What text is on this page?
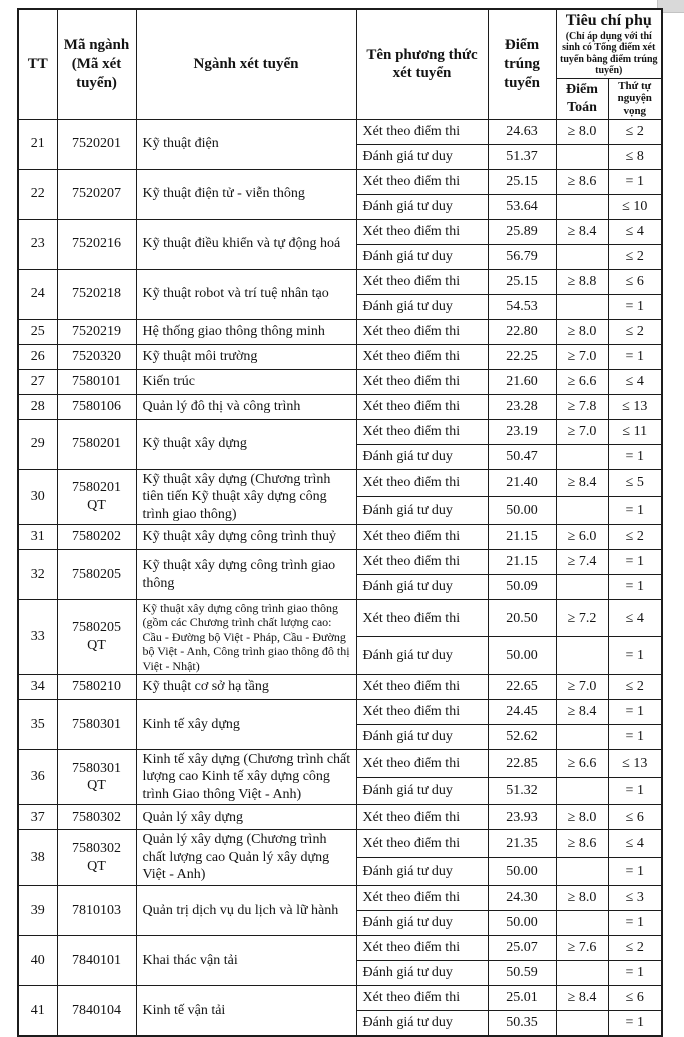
TT	Mã ngành (Mã xét tuyển)	Ngành xét tuyển	Tên phương thức xét tuyển	Điểm trúng tuyển	Tiêu chí phụ
(Chỉ áp dụng với thí sinh có Tổng điểm xét tuyển bằng điểm trúng tuyển)	

					Điểm Toán	Thứ tự nguyện vọng
21	7520201	Kỹ thuật điện	Xét theo điểm thi	24.63	≥ 8.0	≤ 2
			Đánh giá tư duy	51.37		≤ 8
22	7520207	Kỹ thuật điện tử - viễn thông	Xét theo điểm thi	25.15	≥ 8.6	= 1
			Đánh giá tư duy	53.64		≤ 10
23	7520216	Kỹ thuật điều khiển và tự động hoá	Xét theo điểm thi	25.89	≥ 8.4	≤ 4
			Đánh giá tư duy	56.79		≤ 2
24	7520218	Kỹ thuật robot và trí tuệ nhân tạo	Xét theo điểm thi	25.15	≥ 8.8	≤ 6
			Đánh giá tư duy	54.53		= 1
25	7520219	Hệ thống giao thông thông minh	Xét theo điểm thi	22.80	≥ 8.0	≤ 2
26	7520320	Kỹ thuật môi trường	Xét theo điểm thi	22.25	≥ 7.0	= 1
27	7580101	Kiến trúc	Xét theo điểm thi	21.60	≥ 6.6	≤ 4
28	7580106	Quản lý đô thị và công trình	Xét theo điểm thi	23.28	≥ 7.8	≤ 13
29	7580201	Kỹ thuật xây dựng	Xét theo điểm thi	23.19	≥ 7.0	≤ 11
			Đánh giá tư duy	50.47		= 1
30	7580201 QT	Kỹ thuật xây dựng (Chương trình tiên tiến Kỹ thuật xây dựng công trình giao thông)	Xét theo điểm thi	21.40	≥ 8.4	≤ 5
			Đánh giá tư duy	50.00		= 1
31	7580202	Kỹ thuật xây dựng công trình thuỷ	Xét theo điểm thi	21.15	≥ 6.0	≤ 2
32	7580205	Kỹ thuật xây dựng công trình giao thông	Xét theo điểm thi	21.15	≥ 7.4	= 1
			Đánh giá tư duy	50.09		= 1
33	7580205 QT	Kỹ thuật xây dựng công trình giao thông (gồm các Chương trình chất lượng cao: Cầu - Đường bộ Việt - Pháp, Cầu - Đường bộ Việt - Anh, Công trình giao thông đô thị Việt - Nhật)	Xét theo điểm thi	20.50	≥ 7.2	≤ 4
			Đánh giá tư duy	50.00		= 1
34	7580210	Kỹ thuật cơ sở hạ tầng	Xét theo điểm thi	22.65	≥ 7.0	≤ 2
35	7580301	Kinh tế xây dựng	Xét theo điểm thi	24.45	≥ 8.4	= 1
			Đánh giá tư duy	52.62		= 1
36	7580301 QT	Kinh tế xây dựng (Chương trình chất lượng cao Kinh tế xây dựng công trình Giao thông Việt - Anh)	Xét theo điểm thi	22.85	≥ 6.6	≤ 13
			Đánh giá tư duy	51.32		= 1
37	7580302	Quản lý xây dựng	Xét theo điểm thi	23.93	≥ 8.0	≤ 6
38	7580302 QT	Quản lý xây dựng (Chương trình chất lượng cao Quản lý xây dựng Việt - Anh)	Xét theo điểm thi	21.35	≥ 8.6	≤ 4
			Đánh giá tư duy	50.00		= 1
39	7810103	Quản trị dịch vụ du lịch và lữ hành	Xét theo điểm thi	24.30	≥ 8.0	≤ 3
			Đánh giá tư duy	50.00		= 1
40	7840101	Khai thác vận tải	Xét theo điểm thi	25.07	≥ 7.6	≤ 2
			Đánh giá tư duy	50.59		= 1
41	7840104	Kinh tế vận tải	Xét theo điểm thi	25.01	≥ 8.4	≤ 6
			Đánh giá tư duy	50.35		= 1
